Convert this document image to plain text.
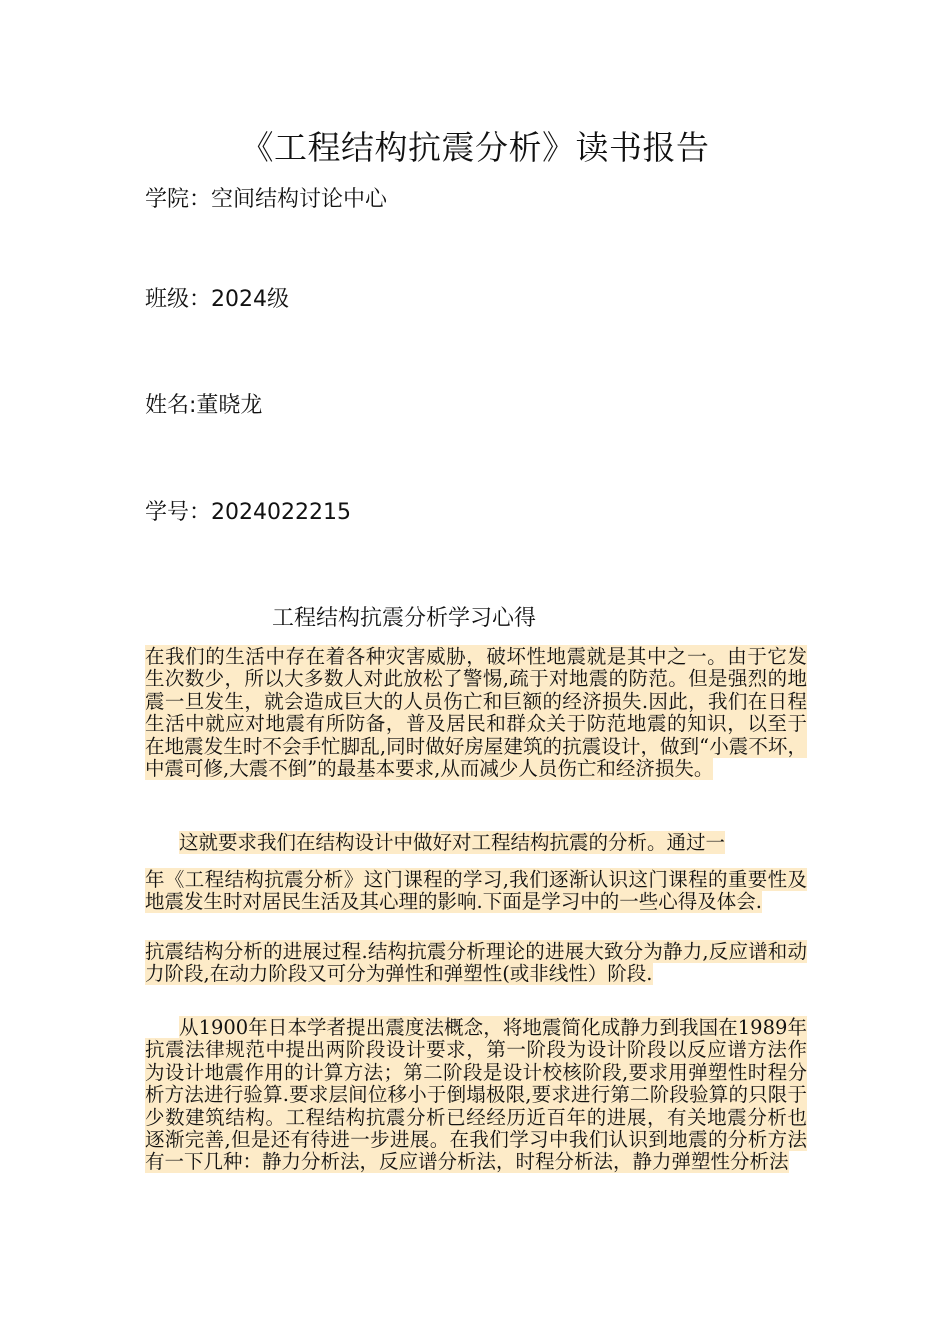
《工程结构抗震分析》读书报告
学院：空间结构讨论中心
班级：2024级
姓名:董晓龙
学号：2024022215
工程结构抗震分析学习心得
在我们的生活中存在着各种灾害威胁，破坏性地震就是其中之一。由于它发生次数少，所以大多数人对此放松了警惕,疏于对地震的防范。但是强烈的地震一旦发生，就会造成巨大的人员伤亡和巨额的经济损失.因此，我们在日程生活中就应对地震有所防备，普及居民和群众关于防范地震的知识，以至于在地震发生时不会手忙脚乱,同时做好房屋建筑的抗震设计，做到“小震不坏，中震可修,大震不倒”的最基本要求,从而减少人员伤亡和经济损失。
这就要求我们在结构设计中做好对工程结构抗震的分析。通过一
年《工程结构抗震分析》这门课程的学习,我们逐渐认识这门课程的重要性及地震发生时对居民生活及其心理的影响.下面是学习中的一些心得及体会.
抗震结构分析的进展过程.结构抗震分析理论的进展大致分为静力,反应谱和动力阶段,在动力阶段又可分为弹性和弹塑性(或非线性）阶段.
从1900年日本学者提出震度法概念，将地震简化成静力到我国在1989年抗震法律规范中提出两阶段设计要求，第一阶段为设计阶段以反应谱方法作为设计地震作用的计算方法；第二阶段是设计校核阶段,要求用弹塑性时程分析方法进行验算.要求层间位移小于倒塌极限,要求进行第二阶段验算的只限于少数建筑结构。工程结构抗震分析已经经历近百年的进展，有关地震分析也逐渐完善,但是还有待进一步进展。在我们学习中我们认识到地震的分析方法有一下几种：静力分析法，反应谱分析法，时程分析法，静力弹塑性分析法
